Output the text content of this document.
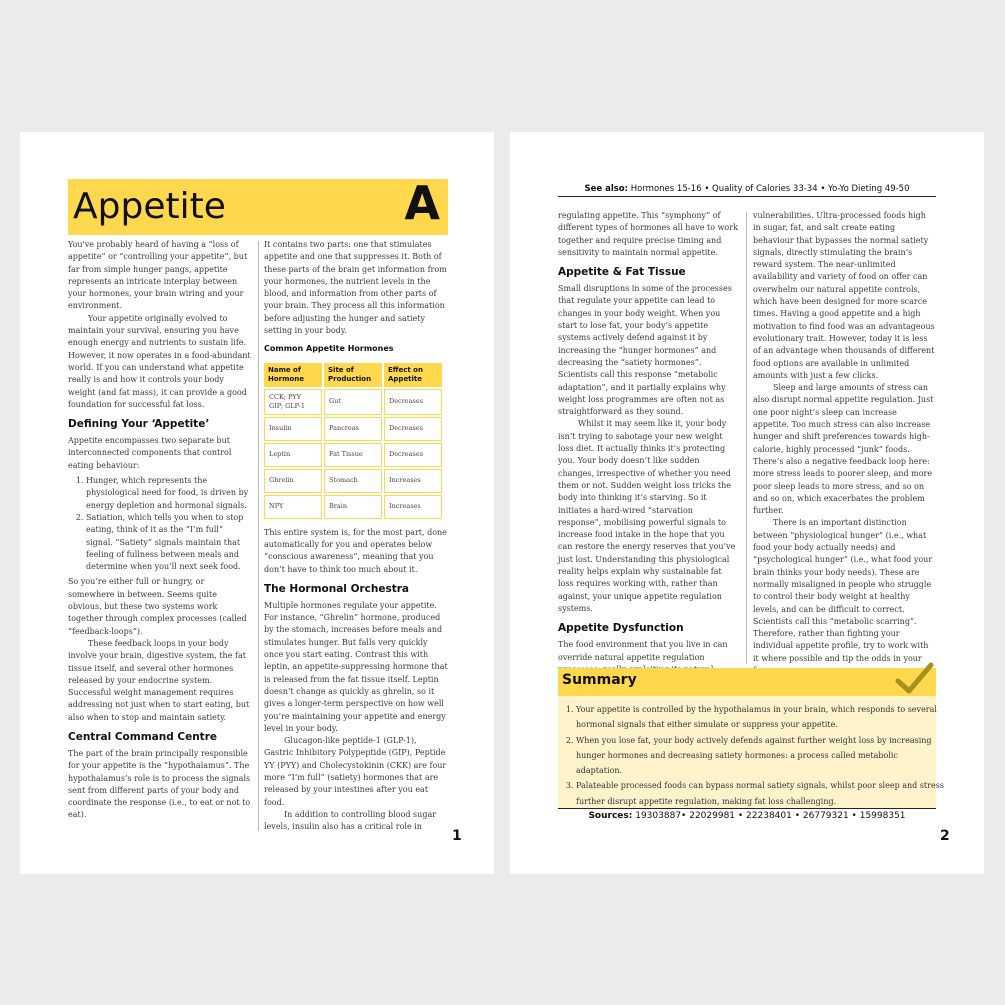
Appetite	A

You've probably heard of having a “loss of appetite” or “controlling your appetite”, but far from simple hunger pangs, appetite represents an intricate interplay between your hormones, your brain wiring and your environment.

Your appetite originally evolved to maintain your survival, ensuring you have enough energy and nutrients to sustain life. However, it now operates in a food-abundant world. If you can understand what appetite really is and how it controls your body weight (and fat mass), it can provide a good foundation for successful fat loss.

Defining Your ‘Appetite’

Appetite encompasses two separate but interconnected components that control eating behaviour:

1. Hunger, which represents the physiological need for food, is driven by energy depletion and hormonal signals.
2. Satiation, which tells you when to stop eating, think of it as the “I’m full” signal. “Satiety” signals maintain that feeling of fullness between meals and determine when you’ll next seek food.

So you’re either full or hungry, or somewhere in between. Seems quite obvious, but these two systems work together through complex processes (called “feedback-loops”).

These feedback loops in your body involve your brain, digestive system, the fat tissue itself, and several other hormones released by your endocrine system. Successful weight management requires addressing not just when to start eating, but also when to stop and maintain satiety.

Central Command Centre

The part of the brain principally responsible for your appetite is the “hypothalamus”. The hypothalamus’s role is to process the signals sent from different parts of your body and coordinate the response (i.e., to eat or not to eat).

It contains two parts: one that stimulates appetite and one that suppresses it. Both of these parts of the brain get information from your hormones, the nutrient levels in the blood, and information from other parts of your brain. They process all this information before adjusting the hunger and satiety setting in your body.

Common Appetite Hormones
Name of Hormone	Site of Production	Effect on Appetite
CCK; PYY GIP; GLP-1	Gut	Decreases
Insulin	Pancreas	Decreases
Leptin	Fat Tissue	Decreases
Ghrelin	Stomach	Increases
NPY	Brain	Increases

This entire system is, for the most part, done automatically for you and operates below “conscious awareness”, meaning that you don’t have to think too much about it.

The Hormonal Orchestra

Multiple hormones regulate your appetite. For instance, “Ghrelin” hormone, produced by the stomach, increases before meals and stimulates hunger. But falls very quickly once you start eating. Contrast this with leptin, an appetite-suppressing hormone that is released from the fat tissue itself. Leptin doesn’t change as quickly as ghrelin, so it gives a longer-term perspective on how well you’re maintaining your appetite and energy level in your body.

Glucagon-like peptide-1 (GLP-1), Gastric Inhibitory Polypeptide (GIP), Peptide YY (PYY) and Cholecystokinin (CKK) are four more “I’m full” (satiety) hormones that are released by your intestines after you eat food.

In addition to controlling blood sugar levels, insulin also has a critical role in

1
See also: Hormones 15-16 • Quality of Calories 33-34 • Yo-Yo Dieting 49-50

regulating appetite. This “symphony” of different types of hormones all have to work together and require precise timing and sensitivity to maintain normal appetite.

Appetite & Fat Tissue

Small disruptions in some of the processes that regulate your appetite can lead to changes in your body weight. When you start to lose fat, your body’s appetite systems actively defend against it by increasing the “hunger hormones” and decreasing the “satiety hormones”. Scientists call this response “metabolic adaptation”, and it partially explains why weight loss programmes are often not as straightforward as they sound.

Whilst it may seem like it, your body isn’t trying to sabotage your new weight loss diet. It actually thinks it’s protecting you. Your body doesn’t like sudden changes, irrespective of whether you need them or not. Sudden weight loss tricks the body into thinking it’s starving. So it initiates a hard-wired “starvation response”, mobilising powerful signals to increase food intake in the hope that you can restore the energy reserves that you’ve just lost. Understanding this physiological reality helps explain why sustainable fat loss requires working with, rather than against, your unique appetite regulation systems.

Appetite Dysfunction

The food environment that you live in can override natural appetite regulation

vulnerabilities. Ultra-processed foods high in sugar, fat, and salt create eating behaviour that bypasses the normal satiety signals, directly stimulating the brain’s reward system. The near-unlimited availability and variety of food on offer can overwhelm our natural appetite controls, which have been designed for more scarce times. Having a good appetite and a high motivation to find food was an advantageous evolutionary trait. However, today it is less of an advantage when thousands of different food options are available in unlimited amounts with just a few clicks.

Sleep and large amounts of stress can also disrupt normal appetite regulation. Just one poor night’s sleep can increase appetite. Too much stress can also increase hunger and shift preferences towards high-calorie, highly processed “junk” foods. There’s also a negative feedback loop here: more stress leads to poorer sleep, and more poor sleep leads to more stress, and so on and so on, which exacerbates the problem further.

There is an important distinction between “physiological hunger” (i.e., what food your body actually needs) and “psychological hunger” (i.e., what food your brain thinks your body needs). These are normally misaligned in people who struggle to control their body weight at healthy levels, and can be difficult to correct. Scientists call this “metabolic scarring”. Therefore, rather than fighting your individual appetite profile, try to work with it where possible and tip the odds in your

Summary
1. Your appetite is controlled by the hypothalamus in your brain, which responds to several hormonal signals that either simulate or suppress your appetite.
2. When you lose fat, your body actively defends against further weight loss by increasing hunger hormones and decreasing satiety hormones: a process called metabolic adaptation.
3. Palateable processed foods can bypass normal satiety signals, whilst poor sleep and stress further disrupt appetite regulation, making fat loss challenging.
Sources: 19303887• 22029981 • 22238401 • 26779321 • 15998351
2
